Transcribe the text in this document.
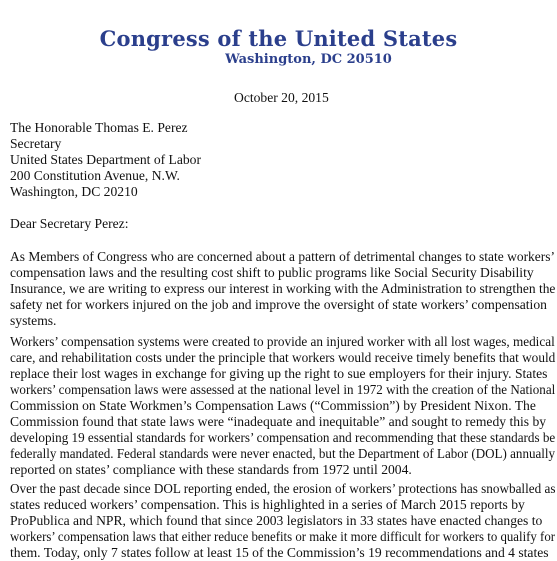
Congress of the United States
Washington, DC 20510
October 20, 2015
The Honorable Thomas E. Perez
Secretary
United States Department of Labor
200 Constitution Avenue, N.W.
Washington, DC 20210
Dear Secretary Perez:
As Members of Congress who are concerned about a pattern of detrimental changes to state workers’
compensation laws and the resulting cost shift to public programs like Social Security Disability
Insurance, we are writing to express our interest in working with the Administration to strengthen the
safety net for workers injured on the job and improve the oversight of state workers’ compensation
systems.
Workers’ compensation systems were created to provide an injured worker with all lost wages, medical
care, and rehabilitation costs under the principle that workers would receive timely benefits that would
replace their lost wages in exchange for giving up the right to sue employers for their injury. States
workers’ compensation laws were assessed at the national level in 1972 with the creation of the National
Commission on State Workmen’s Compensation Laws (“Commission”) by President Nixon. The
Commission found that state laws were “inadequate and inequitable” and sought to remedy this by
developing 19 essential standards for workers’ compensation and recommending that these standards be
federally mandated. Federal standards were never enacted, but the Department of Labor (DOL) annually
reported on states’ compliance with these standards from 1972 until 2004.
Over the past decade since DOL reporting ended, the erosion of workers’ protections has snowballed as
states reduced workers’ compensation. This is highlighted in a series of March 2015 reports by
ProPublica and NPR, which found that since 2003 legislators in 33 states have enacted changes to
workers’ compensation laws that either reduce benefits or make it more difficult for workers to qualify for
them. Today, only 7 states follow at least 15 of the Commission’s 19 recommendations and 4 states
